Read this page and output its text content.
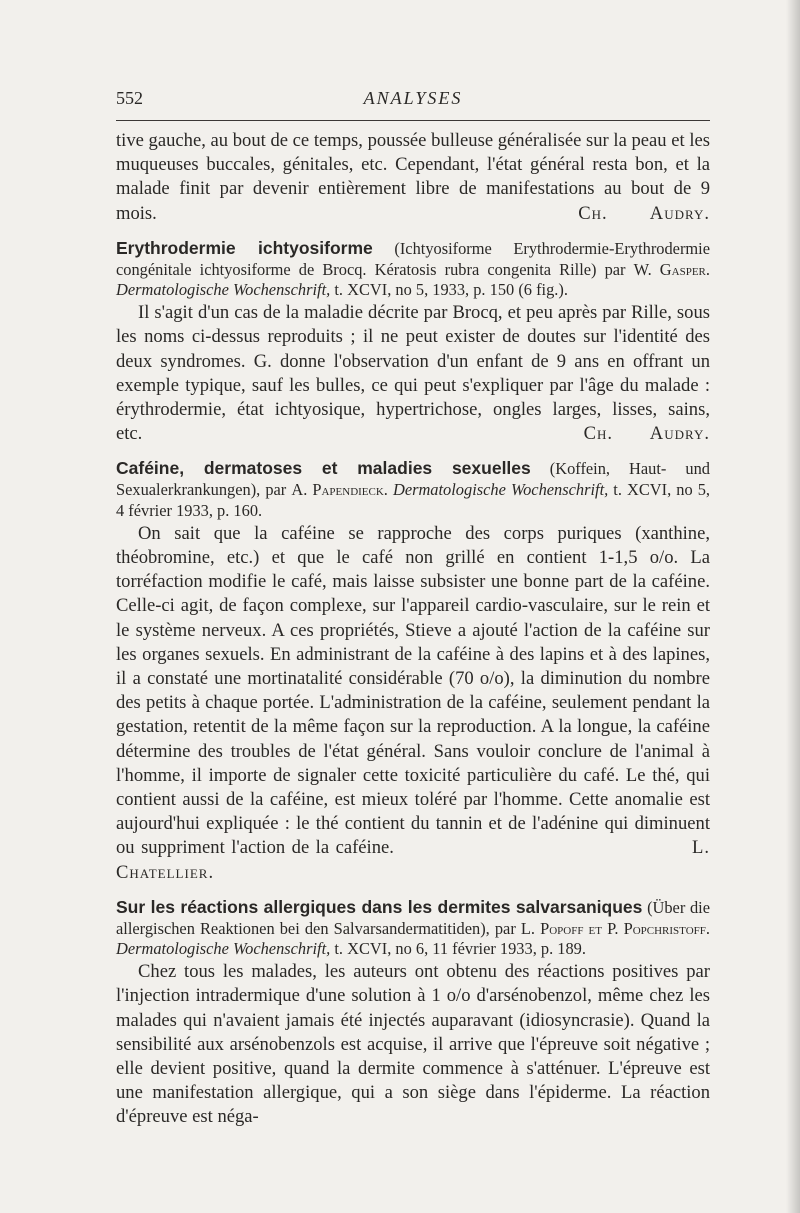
ANALYSES
552

tive gauche, au bout de ce temps, poussée bulleuse généralisée sur la peau et les muqueuses buccales, génitales, etc. Cependant, l'état général resta bon, et la malade finit par devenir entièrement libre de manifestations au bout de 9 mois.	Ch. Audry.

Erythrodermie ichtyosiforme (Ichtyosiforme Erythrodermie-Erythrodermie congénitale ichtyosiforme de Brocq. Kératosis rubra congenita Rille) par W. Gasper. Dermatologische Wochenschrift, t. XCVI, no 5, 1933, p. 150 (6 fig.).

Il s'agit d'un cas de la maladie décrite par Brocq, et peu après par Rille, sous les noms ci-dessus reproduits ; il ne peut exister de doutes sur l'identité des deux syndromes. G. donne l'observation d'un enfant de 9 ans en offrant un exemple typique, sauf les bulles, ce qui peut s'expliquer par l'âge du malade : érythrodermie, état ichtyosique, hypertrichose, ongles larges, lisses, sains, etc.	Ch. Audry.

Caféine, dermatoses et maladies sexuelles (Koffein, Haut- und Sexualerkrankungen), par A. Papendieck. Dermatologische Wochenschrift, t. XCVI, no 5, 4 février 1933, p. 160.

On sait que la caféine se rapproche des corps puriques (xanthine, théobromine, etc.) et que le café non grillé en contient 1-1,5 o/o. La torréfaction modifie le café, mais laisse subsister une bonne part de la caféine. Celle-ci agit, de façon complexe, sur l'appareil cardio-vasculaire, sur le rein et le système nerveux. A ces propriétés, Stieve a ajouté l'action de la caféine sur les organes sexuels. En administrant de la caféine à des lapins et à des lapines, il a constaté une mortinatalité considérable (70 o/o), la diminution du nombre des petits à chaque portée. L'administration de la caféine, seulement pendant la gestation, retentit de la même façon sur la reproduction. A la longue, la caféine détermine des troubles de l'état général. Sans vouloir conclure de l'animal à l'homme, il importe de signaler cette toxicité particulière du café. Le thé, qui contient aussi de la caféine, est mieux toléré par l'homme. Cette anomalie est aujourd'hui expliquée : le thé contient du tannin et de l'adénine qui diminuent ou suppriment l'action de la caféine.	L. Chatellier.

Sur les réactions allergiques dans les dermites salvarsaniques (Über die allergischen Reaktionen bei den Salvarsandermatitiden), par L. Popoff et P. Popchristoff. Dermatologische Wochenschrift, t. XCVI, no 6, 11 février 1933, p. 189.

Chez tous les malades, les auteurs ont obtenu des réactions positives par l'injection intradermique d'une solution à 1 o/o d'arsénobenzol, même chez les malades qui n'avaient jamais été injectés auparavant (idiosyncrasie). Quand la sensibilité aux arsénobenzols est acquise, il arrive que l'épreuve soit négative ; elle devient positive, quand la dermite commence à s'atténuer. L'épreuve est une manifestation allergique, qui a son siège dans l'épiderme. La réaction d'épreuve est néga-
